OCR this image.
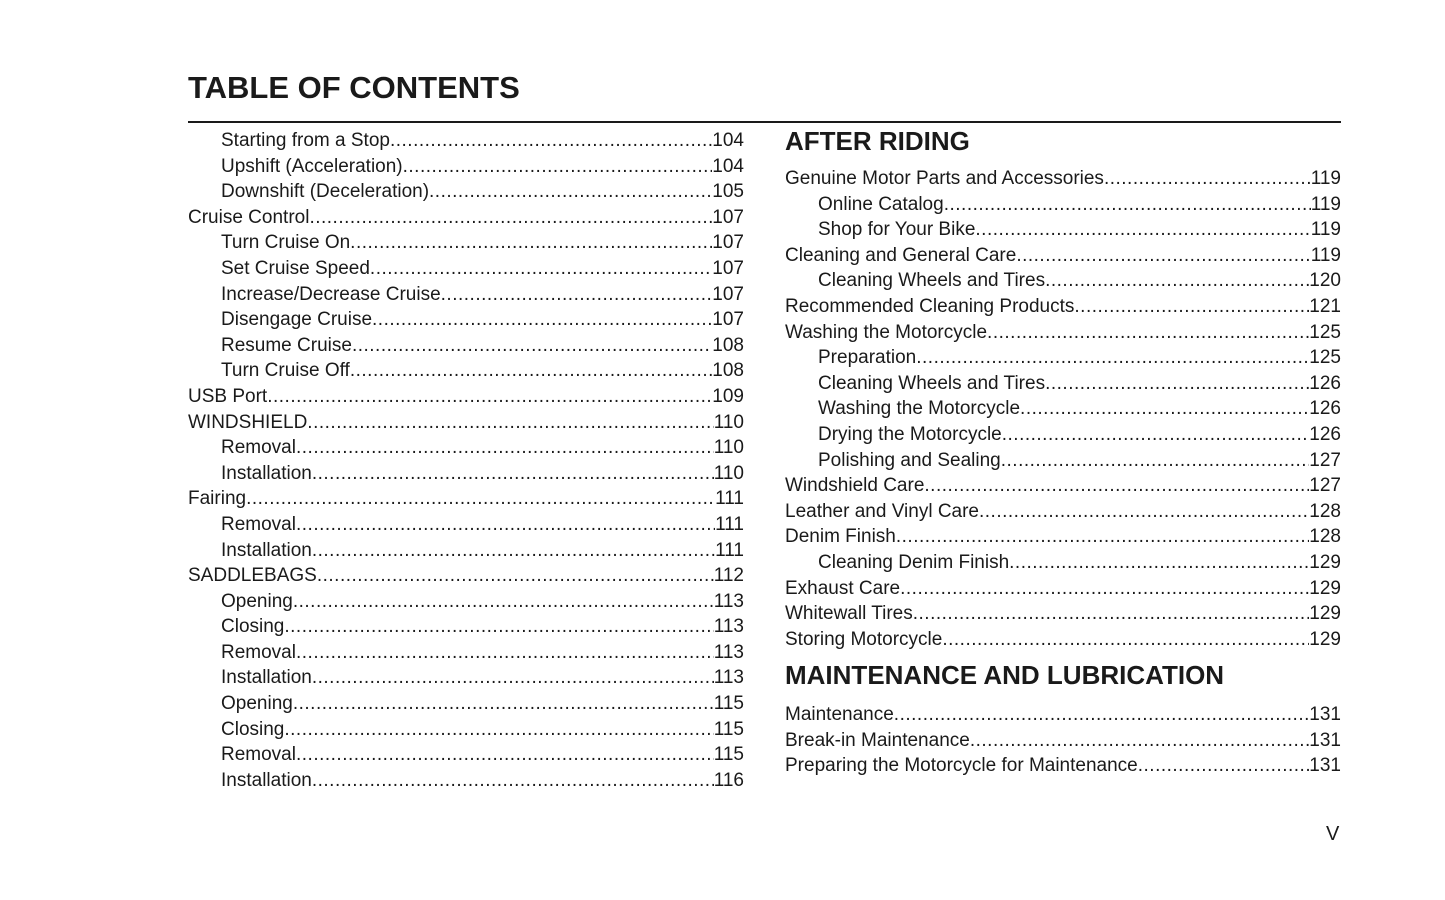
TABLE OF CONTENTS
Starting from a Stop .....	104
Upshift (Acceleration) .....	104
Downshift (Deceleration) .....	105
Cruise Control .....	107
Turn Cruise On .....	107
Set Cruise Speed .....	107
Increase/Decrease Cruise .....	107
Disengage Cruise .....	107
Resume Cruise .....	108
Turn Cruise Off .....	108
USB Port .....	109
WINDSHIELD .....	110
Removal .....	110
Installation .....	110
Fairing .....	111
Removal .....	111
Installation .....	111
SADDLEBAGS .....	112
Opening .....	113
Closing .....	113
Removal .....	113
Installation .....	113
Opening .....	115
Closing .....	115
Removal .....	115
Installation .....	116
AFTER RIDING
Genuine Motor Parts and Accessories .....	119
Online Catalog .....	119
Shop for Your Bike .....	119
Cleaning and General Care .....	119
Cleaning Wheels and Tires .....	120
Recommended Cleaning Products .....	121
Washing the Motorcycle .....	125
Preparation .....	125
Cleaning Wheels and Tires .....	126
Washing the Motorcycle .....	126
Drying the Motorcycle .....	126
Polishing and Sealing .....	127
Windshield Care .....	127
Leather and Vinyl Care .....	128
Denim Finish .....	128
Cleaning Denim Finish .....	129
Exhaust Care .....	129
Whitewall Tires .....	129
Storing Motorcycle .....	129
MAINTENANCE AND LUBRICATION
Maintenance .....	131
Break-in Maintenance .....	131
Preparing the Motorcycle for Maintenance .....	131
V
